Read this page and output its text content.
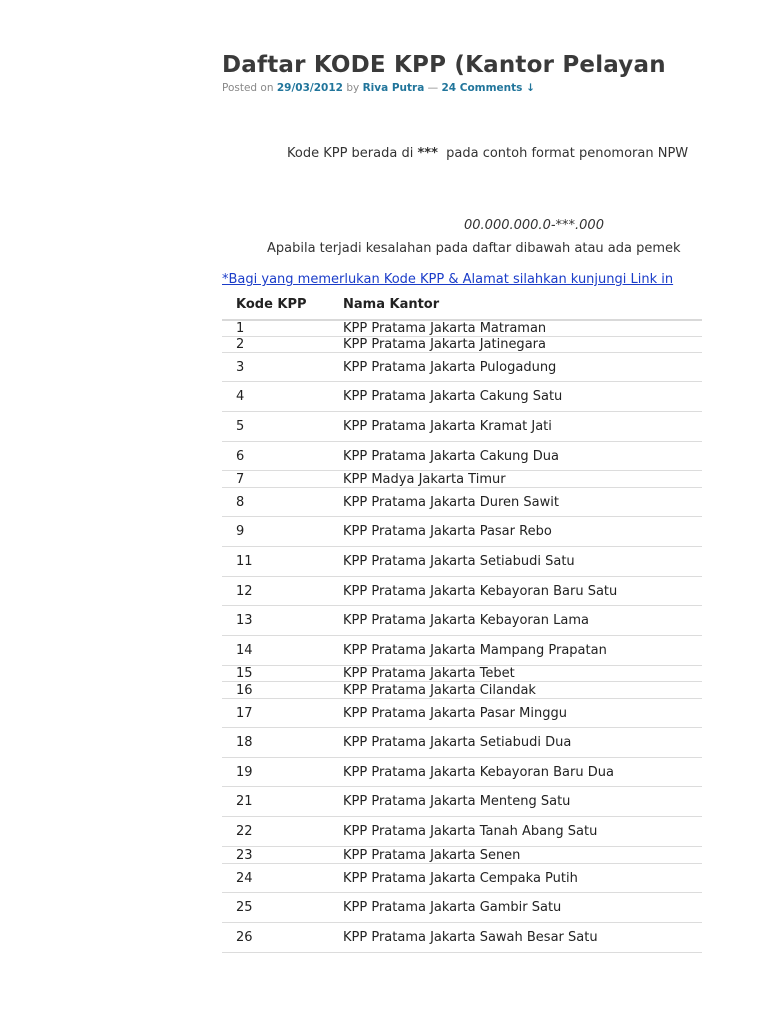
Daftar KODE KPP (Kantor Pelayan
Posted on 29/03/2012 by Riva Putra — 24 Comments ↓
Kode KPP berada di *** pada contoh format penomoran NPW
00.000.000.0-***.000
Apabila terjadi kesalahan pada daftar dibawah atau ada pemek
*Bagi yang memerlukan Kode KPP & Alamat silahkan kunjungi Link in
Kode KPP	Nama Kantor
1	KPP Pratama Jakarta Matraman
2	KPP Pratama Jakarta Jatinegara
3	KPP Pratama Jakarta Pulogadung
4	KPP Pratama Jakarta Cakung Satu
5	KPP Pratama Jakarta Kramat Jati
6	KPP Pratama Jakarta Cakung Dua
7	KPP Madya Jakarta Timur
8	KPP Pratama Jakarta Duren Sawit
9	KPP Pratama Jakarta Pasar Rebo
11	KPP Pratama Jakarta Setiabudi Satu
12	KPP Pratama Jakarta Kebayoran Baru Satu
13	KPP Pratama Jakarta Kebayoran Lama
14	KPP Pratama Jakarta Mampang Prapatan
15	KPP Pratama Jakarta Tebet
16	KPP Pratama Jakarta Cilandak
17	KPP Pratama Jakarta Pasar Minggu
18	KPP Pratama Jakarta Setiabudi Dua
19	KPP Pratama Jakarta Kebayoran Baru Dua
21	KPP Pratama Jakarta Menteng Satu
22	KPP Pratama Jakarta Tanah Abang Satu
23	KPP Pratama Jakarta Senen
24	KPP Pratama Jakarta Cempaka Putih
25	KPP Pratama Jakarta Gambir Satu
26	KPP Pratama Jakarta Sawah Besar Satu
